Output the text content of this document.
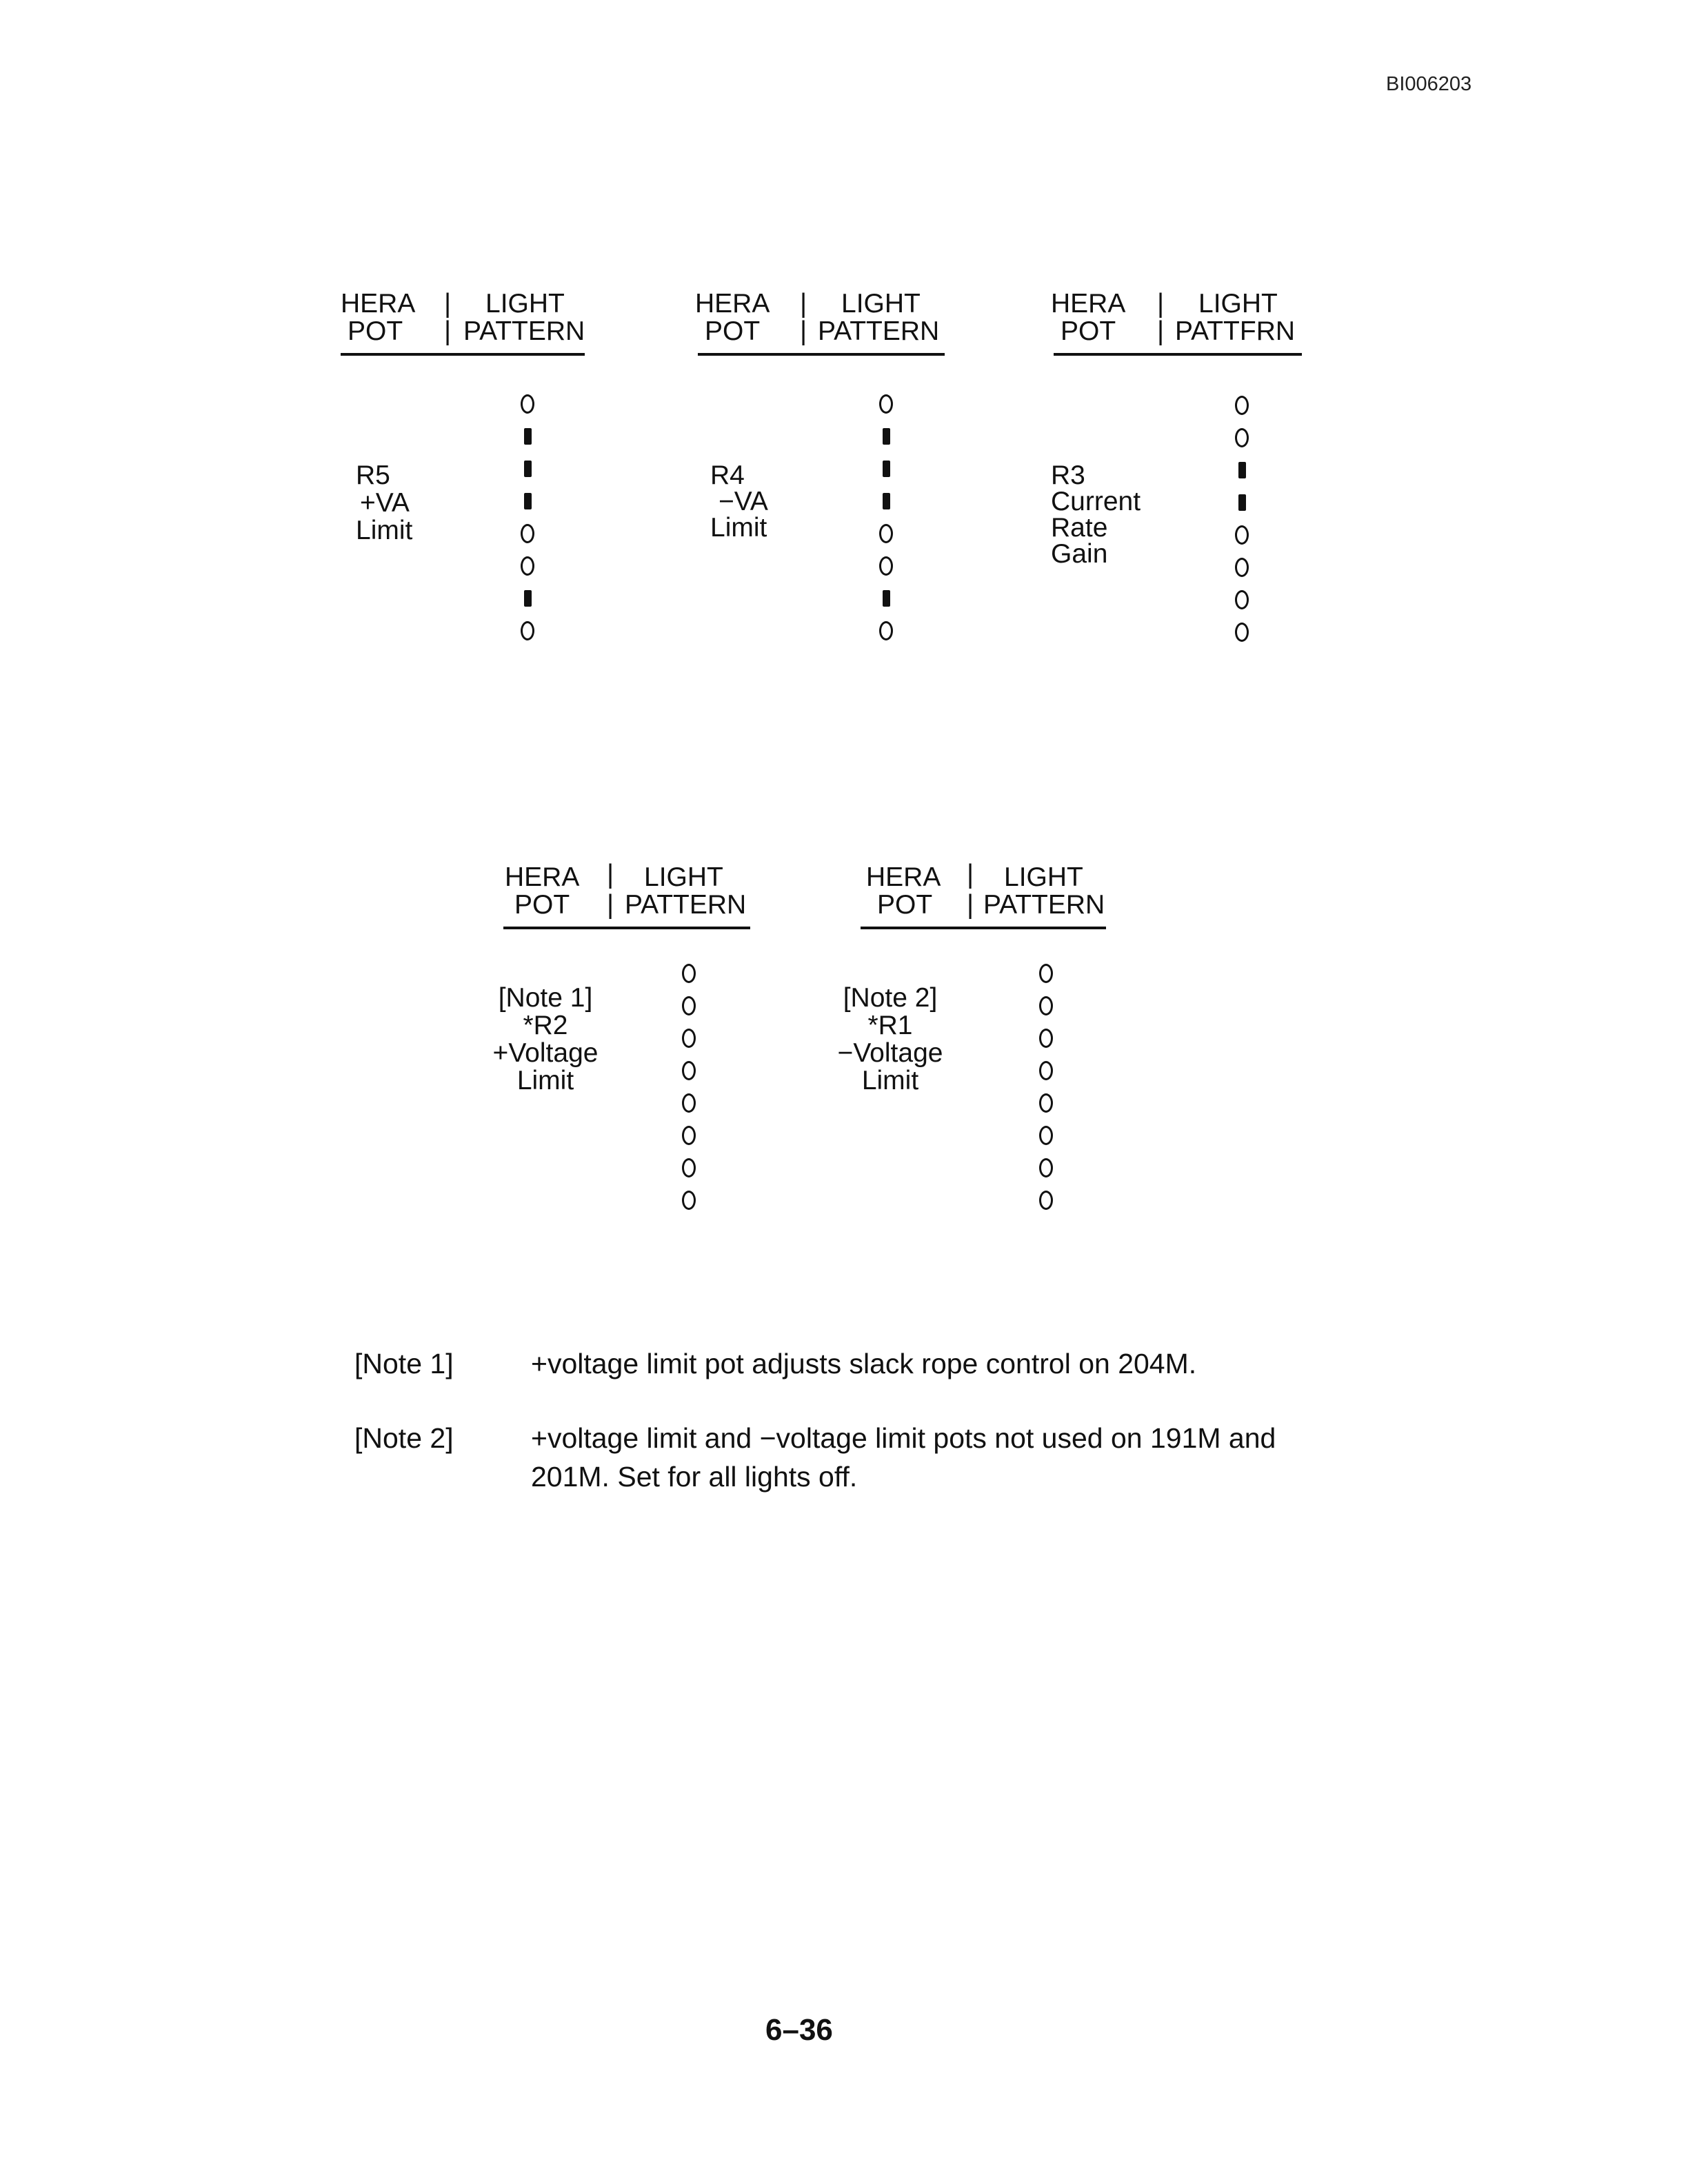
BI006203
HERA
POT
|
|
LIGHT
PATTERN
R5
+VA
Limit
HERA
POT
|
|
LIGHT
PATTERN
R4
−VA
Limit
HERA
POT
|
|
LIGHT
PATTFRN
R3
Current
Rate
Gain
HERA
POT
|
|
LIGHT
PATTERN
[Note 1]
*R2
+Voltage
Limit
HERA
POT
|
|
LIGHT
PATTERN
[Note 2]
*R1
−Voltage
Limit
[Note 1]	+voltage limit pot adjusts slack rope control on 204M.
[Note 2]	+voltage limit and −voltage limit pots not used on 191M and 201M. Set for all lights off.
6–36
